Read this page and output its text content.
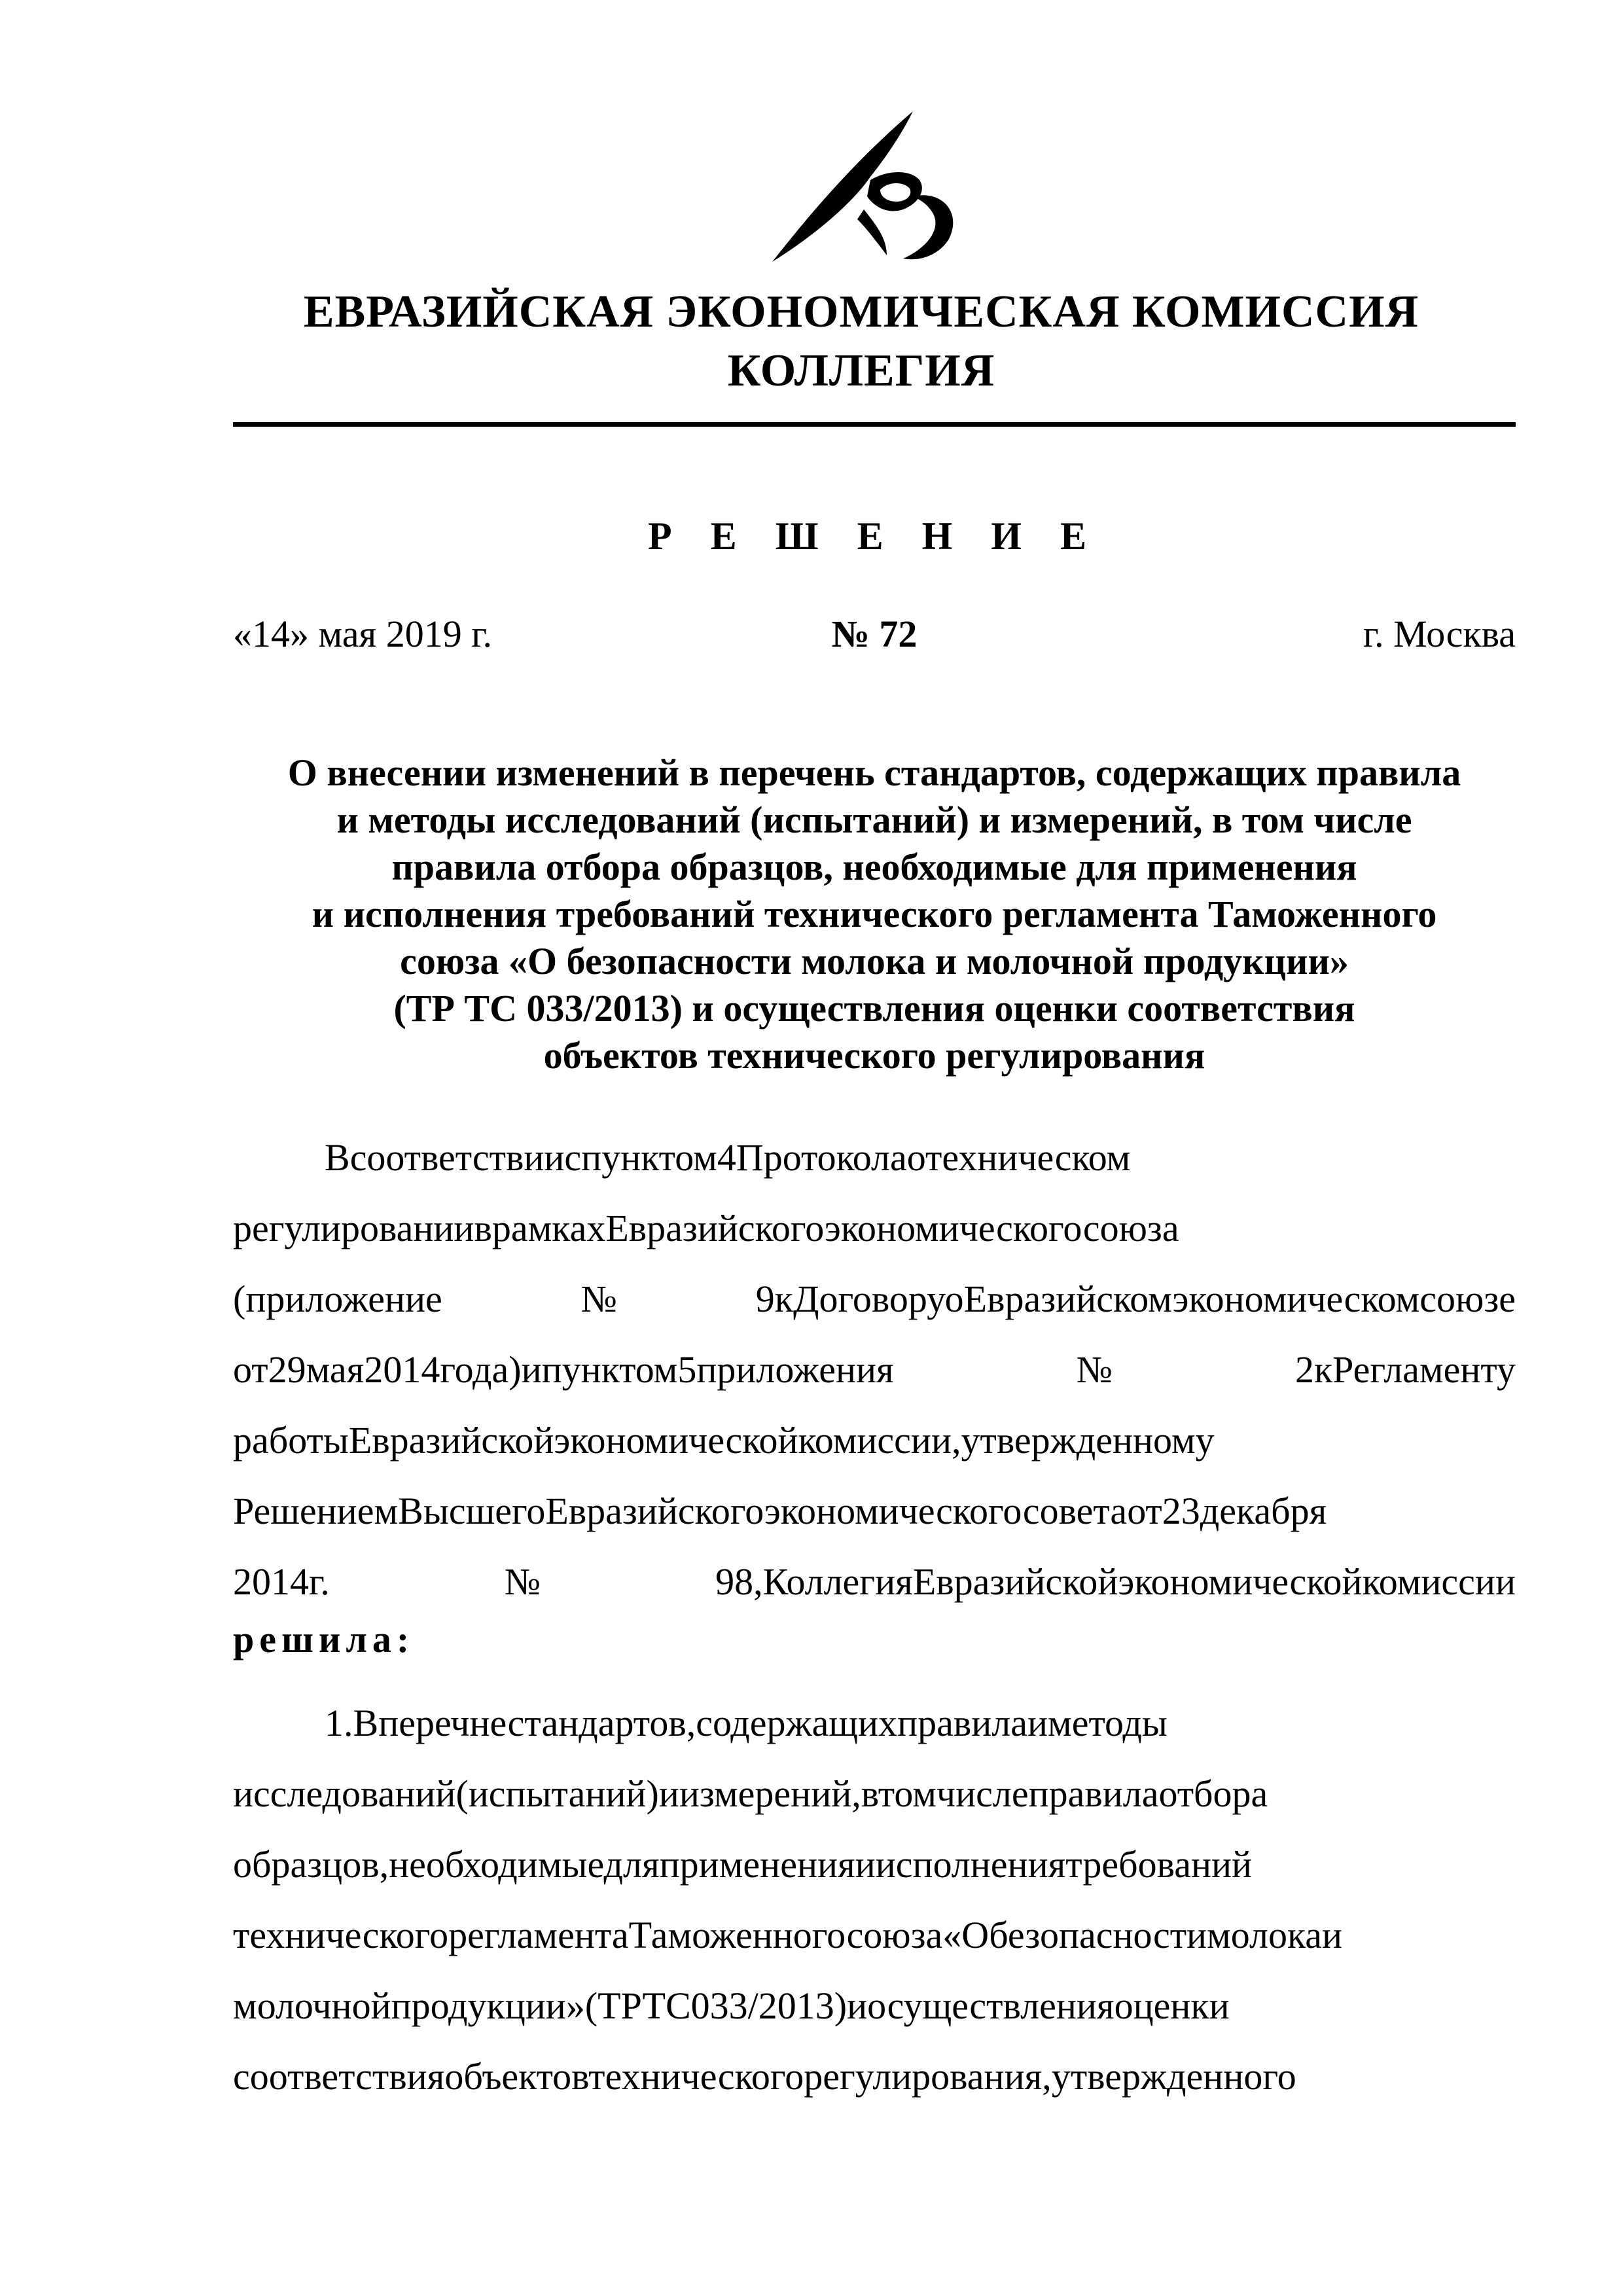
ЕВРАЗИЙСКАЯ ЭКОНОМИЧЕСКАЯ КОМИССИЯ
КОЛЛЕГИЯ
Р Е Ш Е Н И Е
№ 72
«14» мая 2019 г.	г. Москва
О внесении изменений в перечень стандартов, содержащих правила
и методы исследований (испытаний) и измерений, в том числе
правила отбора образцов, необходимые для применения
и исполнения требований технического регламента Таможенного
союза «О безопасности молока и молочной продукции»
(ТР ТС 033/2013) и осуществления оценки соответствия
объектов технического регулирования
Всоответствииспунктом4Протоколаотехническом
регулированииврамкахЕвразийскогоэкономическогосоюза
(приложение№9кДоговоруоЕвразийскомэкономическомсоюзе
от29мая2014года)ипунктом5приложения№2кРегламенту
работыЕвразийскойэкономическойкомиссии,утвержденному
РешениемВысшегоЕвразийскогоэкономическогосоветаот23декабря
2014г.№98,КоллегияЕвразийскойэкономическойкомиссии
решила:
1.Вперечнестандартов,содержащихправилаиметоды
исследований(испытаний)иизмерений,втомчислеправилаотбора
образцов,необходимыедляпримененияиисполнениятребований
техническогорегламентаТаможенногосоюза«Обезопасностимолокаи
молочнойпродукции»(ТРТС033/2013)иосуществленияоценки
соответствияобъектовтехническогорегулирования,утвержденного
